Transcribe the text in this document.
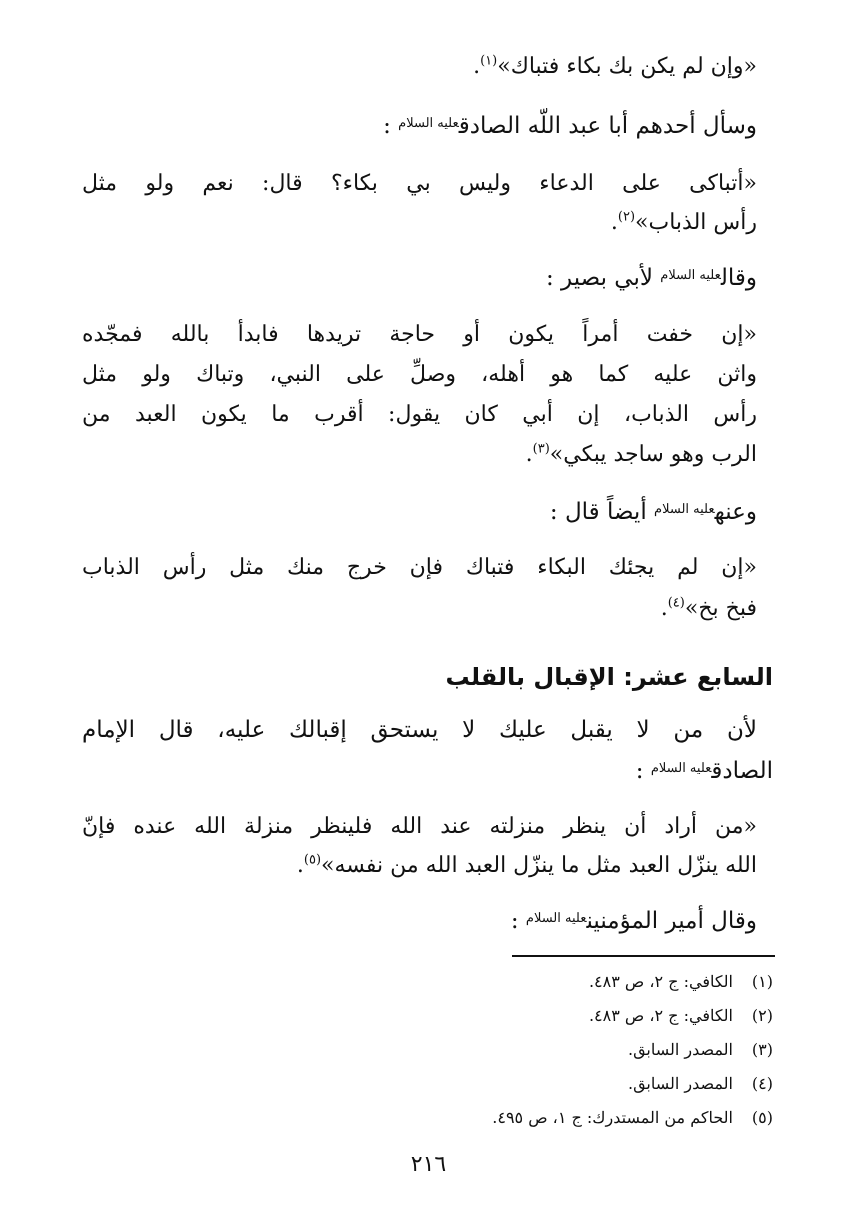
«وإن لم يكن بك بكاء فتباك»$^{(١)}$.
وسأل أحدهم أبا عبد اللّه الصادق$^{عليه السلام}$ :
«أتباكى على الدعاء وليس بي بكاء؟ قال: نعم ولو مثل
رأس الذباب»$^{(٢)}$.
وقال$^{عليه السلام}$ لأبي بصير :
«إن خفت أمراً يكون أو حاجة تريدها فابدأ بالله فمجّده
واثن عليه كما هو أهله، وصلِّ على النبي، وتباك ولو مثل
رأس الذباب، إن أبي كان يقول: أقرب ما يكون العبد من
الرب وهو ساجد يبكي»$^{(٣)}$.
وعنه$^{عليه السلام}$ أيضاً قال :
«إن لم يجئك البكاء فتباك فإن خرج منك مثل رأس الذباب
فبخ بخ»$^{(٤)}$.
السابع عشر: الإقبال بالقلب
لأن من لا يقبل عليك لا يستحق إقبالك عليه، قال الإمام
الصادق$^{عليه السلام}$ :
«من أراد أن ينظر منزلته عند الله فلينظر منزلة الله عنده فإنّ
الله ينزّل العبد مثل ما ينزّل العبد الله من نفسه»$^{(٥)}$.
وقال أمير المؤمنين$^{عليه السلام}$ :
(١)الكافي: ج ٢، ص ٤٨٣.
(٢)الكافي: ج ٢، ص ٤٨٣.
(٣)المصدر السابق.
(٤)المصدر السابق.
(٥)الحاكم من المستدرك: ج ١، ص ٤٩٥.
٢١٦
